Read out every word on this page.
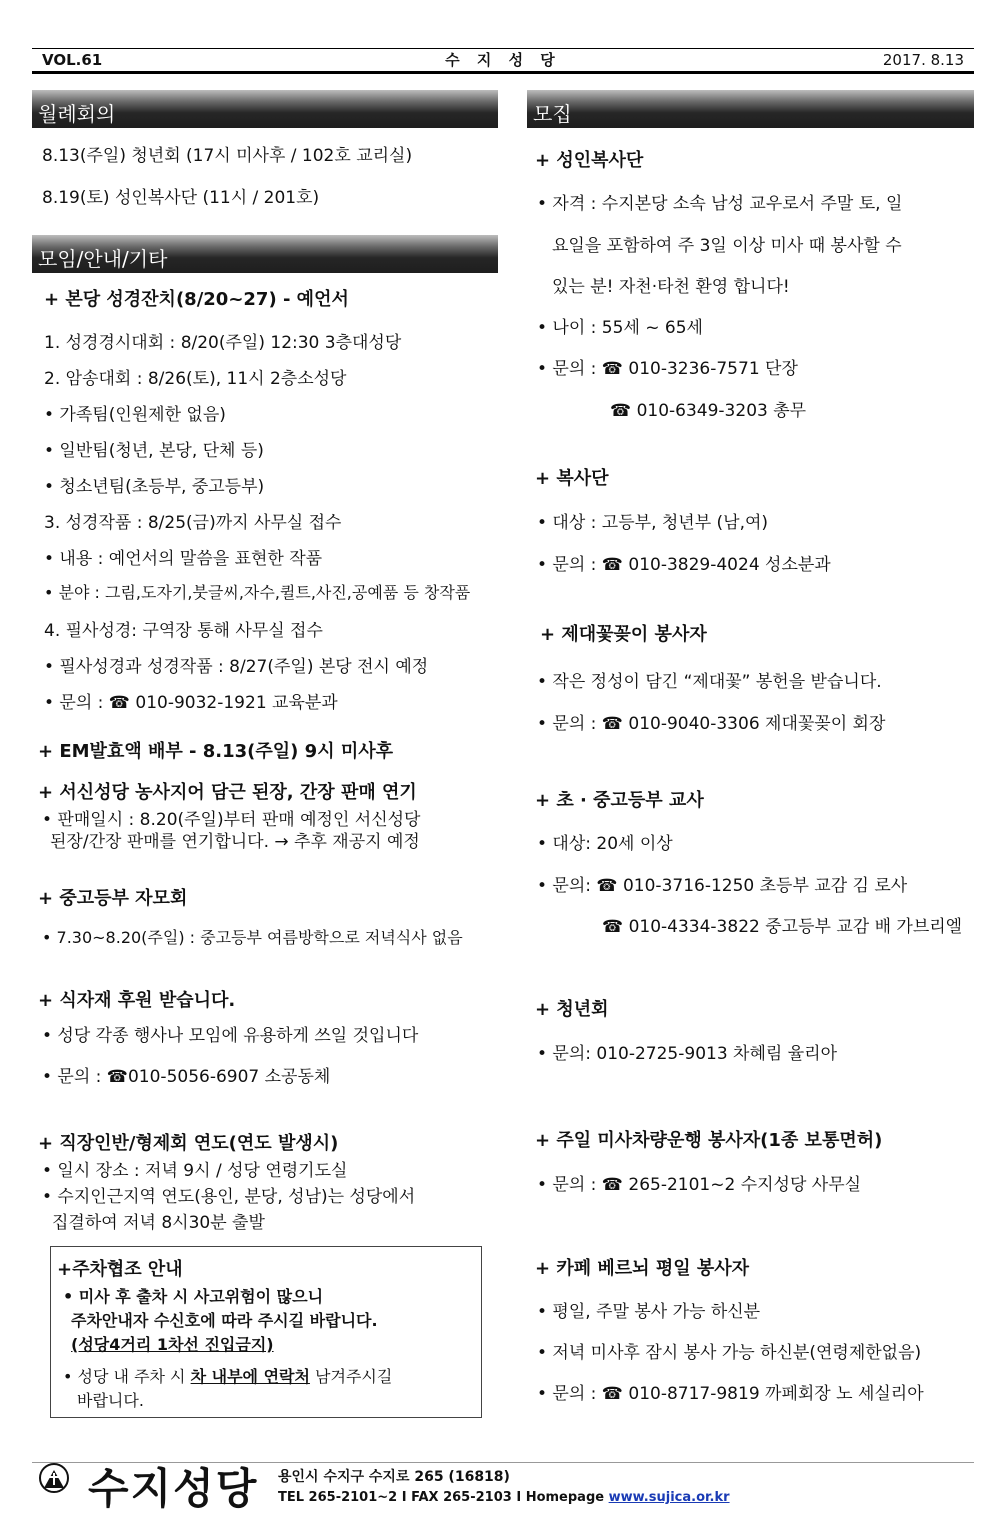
VOL.61	수 지 성 당	2017. 8.13
월례회의
8.13(주일) 청년회 (17시 미사후 / 102호 교리실)
8.19(토) 성인복사단 (11시 / 201호)
모임/안내/기타
+ 본당 성경잔치(8/20~27) - 예언서
1. 성경경시대회 : 8/20(주일) 12:30 3층대성당
2. 암송대회 : 8/26(토), 11시 2층소성당
• 가족팀(인원제한 없음)
• 일반팀(청년, 본당, 단체 등)
• 청소년팀(초등부, 중고등부)
3. 성경작품 : 8/25(금)까지 사무실 접수
• 내용 : 예언서의 말씀을 표현한 작품
• 분야 : 그림,도자기,붓글씨,자수,퀼트,사진,공예품 등 창작품
4. 필사성경: 구역장 통해 사무실 접수
• 필사성경과 성경작품 : 8/27(주일) 본당 전시 예정
• 문의 : ☎ 010-9032-1921 교육분과
+ EM발효액 배부 - 8.13(주일) 9시 미사후
+ 서신성당 농사지어 담근 된장, 간장 판매 연기
• 판매일시 : 8.20(주일)부터 판매 예정인 서신성당
된장/간장 판매를 연기합니다. → 추후 재공지 예정
+ 중고등부 자모회
• 7.30~8.20(주일) : 중고등부 여름방학으로 저녁식사 없음
+ 식자재 후원 받습니다.
• 성당 각종 행사나 모임에 유용하게 쓰일 것입니다
• 문의 : ☎010-5056-6907 소공동체
+ 직장인반/형제회 연도(연도 발생시)
• 일시 장소 : 저녁 9시 / 성당 연령기도실
• 수지인근지역 연도(용인, 분당, 성남)는 성당에서
집결하여 저녁 8시30분 출발
+주차협조 안내
• 미사 후 출차 시 사고위험이 많으니
주차안내자 수신호에 따라 주시길 바랍니다.
(성당4거리 1차선 진입금지)
• 성당 내 주차 시 차 내부에 연락처 남겨주시길
바랍니다.
모집
+ 성인복사단
• 자격 : 수지본당 소속 남성 교우로서 주말 토, 일
요일을 포함하여 주 3일 이상 미사 때 봉사할 수
있는 분! 자천·타천 환영 합니다!
• 나이 : 55세 ~ 65세
• 문의 : ☎ 010-3236-7571 단장
☎ 010-6349-3203 총무
+ 복사단
• 대상 : 고등부, 청년부 (남,여)
• 문의 : ☎ 010-3829-4024 성소분과
+ 제대꽃꽂이 봉사자
• 작은 정성이 담긴 “제대꽃” 봉헌을 받습니다.
• 문의 : ☎ 010-9040-3306 제대꽃꽂이 회장
+ 초 · 중고등부 교사
• 대상: 20세 이상
• 문의: ☎ 010-3716-1250 초등부 교감 김 로사
☎ 010-4334-3822 중고등부 교감 배 가브리엘
+ 청년회
• 문의: 010-2725-9013 차혜림 율리아
+ 주일 미사차량운행 봉사자(1종 보통면허)
• 문의 : ☎ 265-2101~2 수지성당 사무실
+ 카페 베르뇌 평일 봉사자
• 평일, 주말 봉사 가능 하신분
• 저녁 미사후 잠시 봉사 가능 하신분(연령제한없음)
• 문의 : ☎ 010-8717-9819 까페회장 노 세실리아
수지성당 용인시 수지구 수지로 265 (16818)
TEL 265-2101~2 I FAX 265-2103 I Homepage www.sujica.or.kr
